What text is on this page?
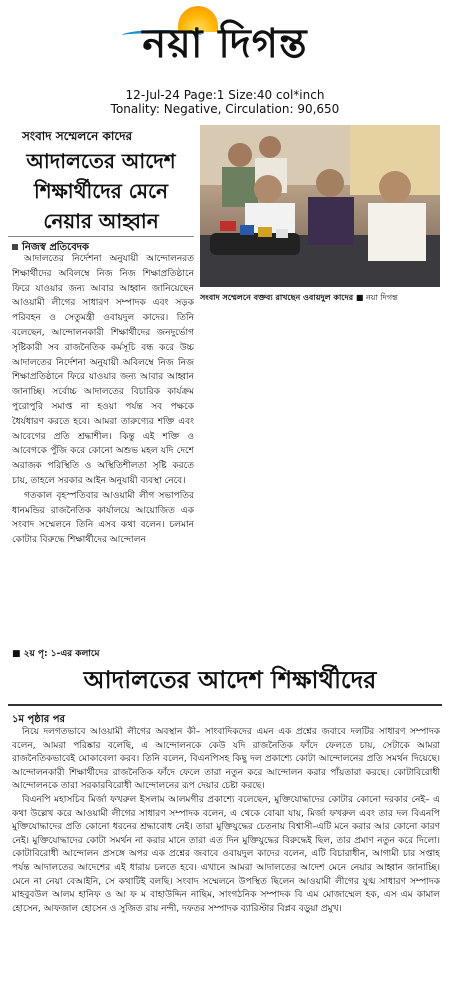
নয়া দিগন্ত
12-Jul-24 Page:1 Size:40 col*inch
Tonality: Negative, Circulation: 90,650
সংবাদ সম্মেলনে কাদের
আদালতের আদেশ শিক্ষার্থীদের মেনে নেয়ার আহ্বান
নিজস্ব প্রতিবেদক

আদালতের নির্দেশনা অনুযায়ী আন্দোলনরত শিক্ষার্থীদের অবিলম্বে নিজ নিজ শিক্ষাপ্রতিষ্ঠানে ফিরে যাওয়ার জন্য আবার আহ্বান জানিয়েছেন আওয়ামী লীগের সাধারণ সম্পাদক এবং সড়ক পরিবহন ও সেতুমন্ত্রী ওবায়দুল কাদের। তিনি বলেছেন, আন্দোলনকারী শিক্ষার্থীদের জনদুর্ভোগ সৃষ্টিকারী সব রাজনৈতিক কর্মসূচি বন্ধ করে উচ্চ আদালতের নির্দেশনা অনুযায়ী অবিলম্বে নিজ নিজ শিক্ষাপ্রতিষ্ঠানে ফিরে যাওয়ার জন্য আবার আহ্বান জানাচ্ছি। সর্বোচ্চ আদালতের বিচারিক কার্যক্রম পুরোপুরি সমাপ্ত না হওয়া পর্যন্ত সব পক্ষকে ধৈর্যধারণ করতে হবে। আমরা তারুণ্যের শক্তি এবং আবেগের প্রতি শ্রদ্ধাশীল। কিন্তু এই শক্তি ও আবেগকে পুঁজি করে কোনো অশুভ মহল যদি দেশে অরাজক পরিস্থিতি ও অস্থিতিশীলতা সৃষ্টি করতে চায়, তাহলে সরকার আইন অনুযায়ী ব্যবস্থা নেবে।

গতকাল বৃহস্পতিবার আওয়ামী লীগ সভাপতির ধানমন্ডির রাজনৈতিক কার্যালয়ে আয়োজিত এক সংবাদ সম্মেলনে তিনি এসব কথা বলেন। চলমান কোটার বিরুদ্ধে শিক্ষার্থীদের আন্দোলন

■ ২য় পৃ: ১-এর কলামে
সংবাদ সম্মেলনে বক্তব্য রাখছেন ওবায়দুল কাদের ■ নয়া দিগন্ত
আদালতের আদেশ শিক্ষার্থীদের
১ম পৃষ্ঠার পর

নিয়ে দলগতভাবে আওয়ামী লীগের অবস্থান কী– সাংবাদিকদের এমন এক প্রশ্নের জবাবে দলটির সাধারণ সম্পাদক বলেন, আমরা পরিষ্কার বলেছি, এ আন্দোলনকে কেউ যদি রাজনৈতিক ফাঁদে ফেলতে চায়, সেটাকে আমরা রাজনৈতিকভাবেই মোকাবেলা করব। তিনি বলেন, বিএনপিসহ কিছু দল প্রকাশ্যে কোটা আন্দোলনের প্রতি সমর্থন দিয়েছে। আন্দোলনকারী শিক্ষার্থীদের রাজনৈতিক ফাঁদে ফেলে তারা নতুন করে আন্দোলন করার পাঁয়তারা করছে। কোটাবিরোধী আন্দোলনকে তারা সরকারবিরোধী আন্দোলনের রূপ দেয়ার চেষ্টা করছে।

বিএনপি মহাসচিব মির্জা ফখরুল ইসলাম আলমগীর প্রকাশ্যে বলেছেন, মুক্তিযোদ্ধাদের কোটার কোনো দরকার নেই– এ কথা উল্লেখ করে আওয়ামী লীগের সাধারণ সম্পাদক বলেন, এ থেকে বোঝা যায়, মির্জা ফখরুল এবং তার দল বিএনপি মুক্তিযোদ্ধাদের প্রতি কোনো ধরনের শ্রদ্ধাবোধ নেই। তারা মুক্তিযুদ্ধের চেতনায় বিশ্বাসী–এটি মনে করার আর কোনো কারণ নেই। মুক্তিযোদ্ধাদের কোটা সমর্থন না করার মানে তারা এত দিন মুক্তিযুদ্ধের বিরুদ্ধেই ছিল, তার প্রমাণ নতুন করে দিলো। কোটাবিরোধী আন্দোলন প্রসঙ্গে অপর এক প্রশ্নের জবাবে ওবায়দুল কাদের বলেন, এটি বিচারাধীন, আগামী চার সপ্তাহ পর্যন্ত আদালতের আদেশের এই ধারায় চলতে হবে। এখানে আমরা আদালতের আদেশ মেনে নেয়ার আহ্বান জানাচ্ছি। মেনে না নেয়া বেআইনি, সে কথাটিই বলছি। সংবাদ সম্মেলনে উপস্থিত ছিলেন আওয়ামী লীগের যুগ্ম সাধারণ সম্পাদক মাহবুবউল আলম হানিফ ও আ ফ ম বাহাউদ্দিন নাছিম, সাংগঠনিক সম্পাদক বি এম মোজাম্মেল হক, এস এম কামাল হোসেন, আফজাল হোসেন ও সুজিত রায় নন্দী, দফতর সম্পাদক ব্যারিস্টার বিপ্লব বড়ুয়া প্রমুখ।
